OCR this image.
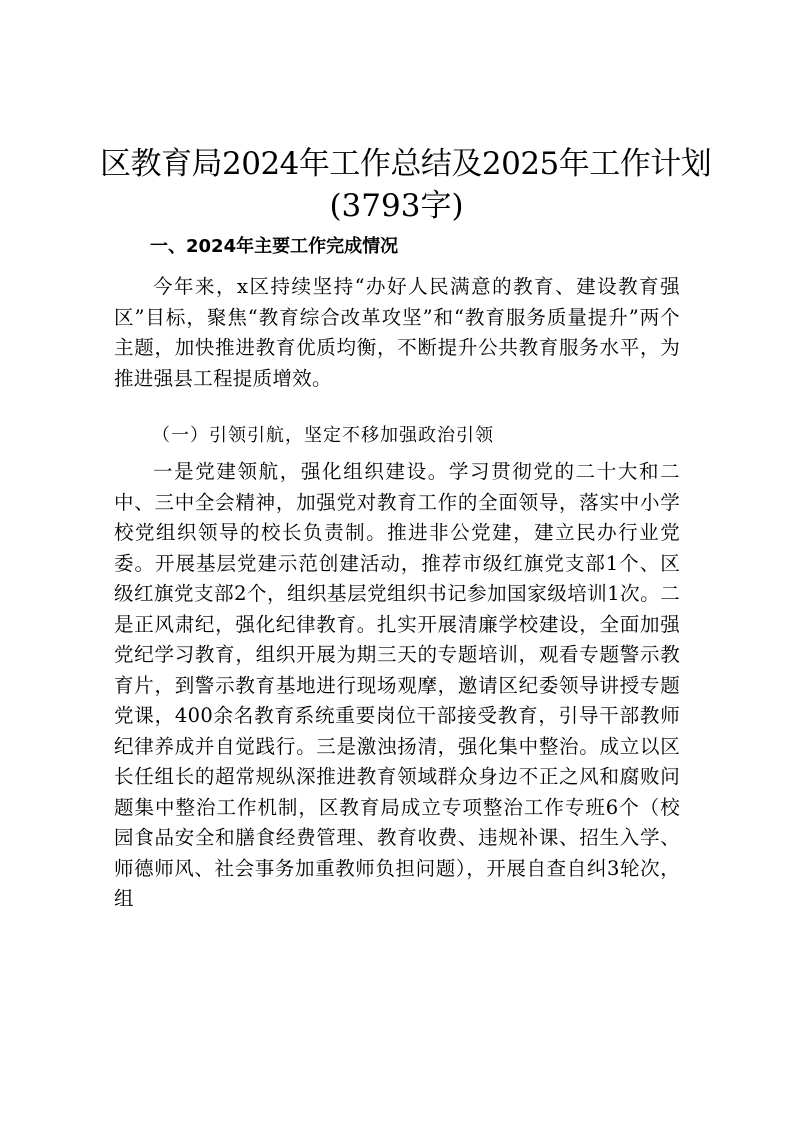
区教育局2024年工作总结及2025年工作计划
(3793字)
一、2024年主要工作完成情况
今年来，x区持续坚持“办好人民满意的教育、建设教育强区”目标，聚焦“教育综合改革攻坚”和“教育服务质量提升”两个主题，加快推进教育优质均衡，不断提升公共教育服务水平，为推进强县工程提质增效。
（一）引领引航，坚定不移加强政治引领
一是党建领航，强化组织建设。学习贯彻党的二十大和二中、三中全会精神，加强党对教育工作的全面领导，落实中小学校党组织领导的校长负责制。推进非公党建，建立民办行业党委。开展基层党建示范创建活动，推荐市级红旗党支部1个、区级红旗党支部2个，组织基层党组织书记参加国家级培训1次。二是正风肃纪，强化纪律教育。扎实开展清廉学校建设，全面加强党纪学习教育，组织开展为期三天的专题培训，观看专题警示教育片，到警示教育基地进行现场观摩，邀请区纪委领导讲授专题党课，400余名教育系统重要岗位干部接受教育，引导干部教师纪律养成并自觉践行。三是激浊扬清，强化集中整治。成立以区长任组长的超常规纵深推进教育领域群众身边不正之风和腐败问题集中整治工作机制，区教育局成立专项整治工作专班6个（校园食品安全和膳食经费管理、教育收费、违规补课、招生入学、师德师风、社会事务加重教师负担问题），开展自查自纠3轮次，组
